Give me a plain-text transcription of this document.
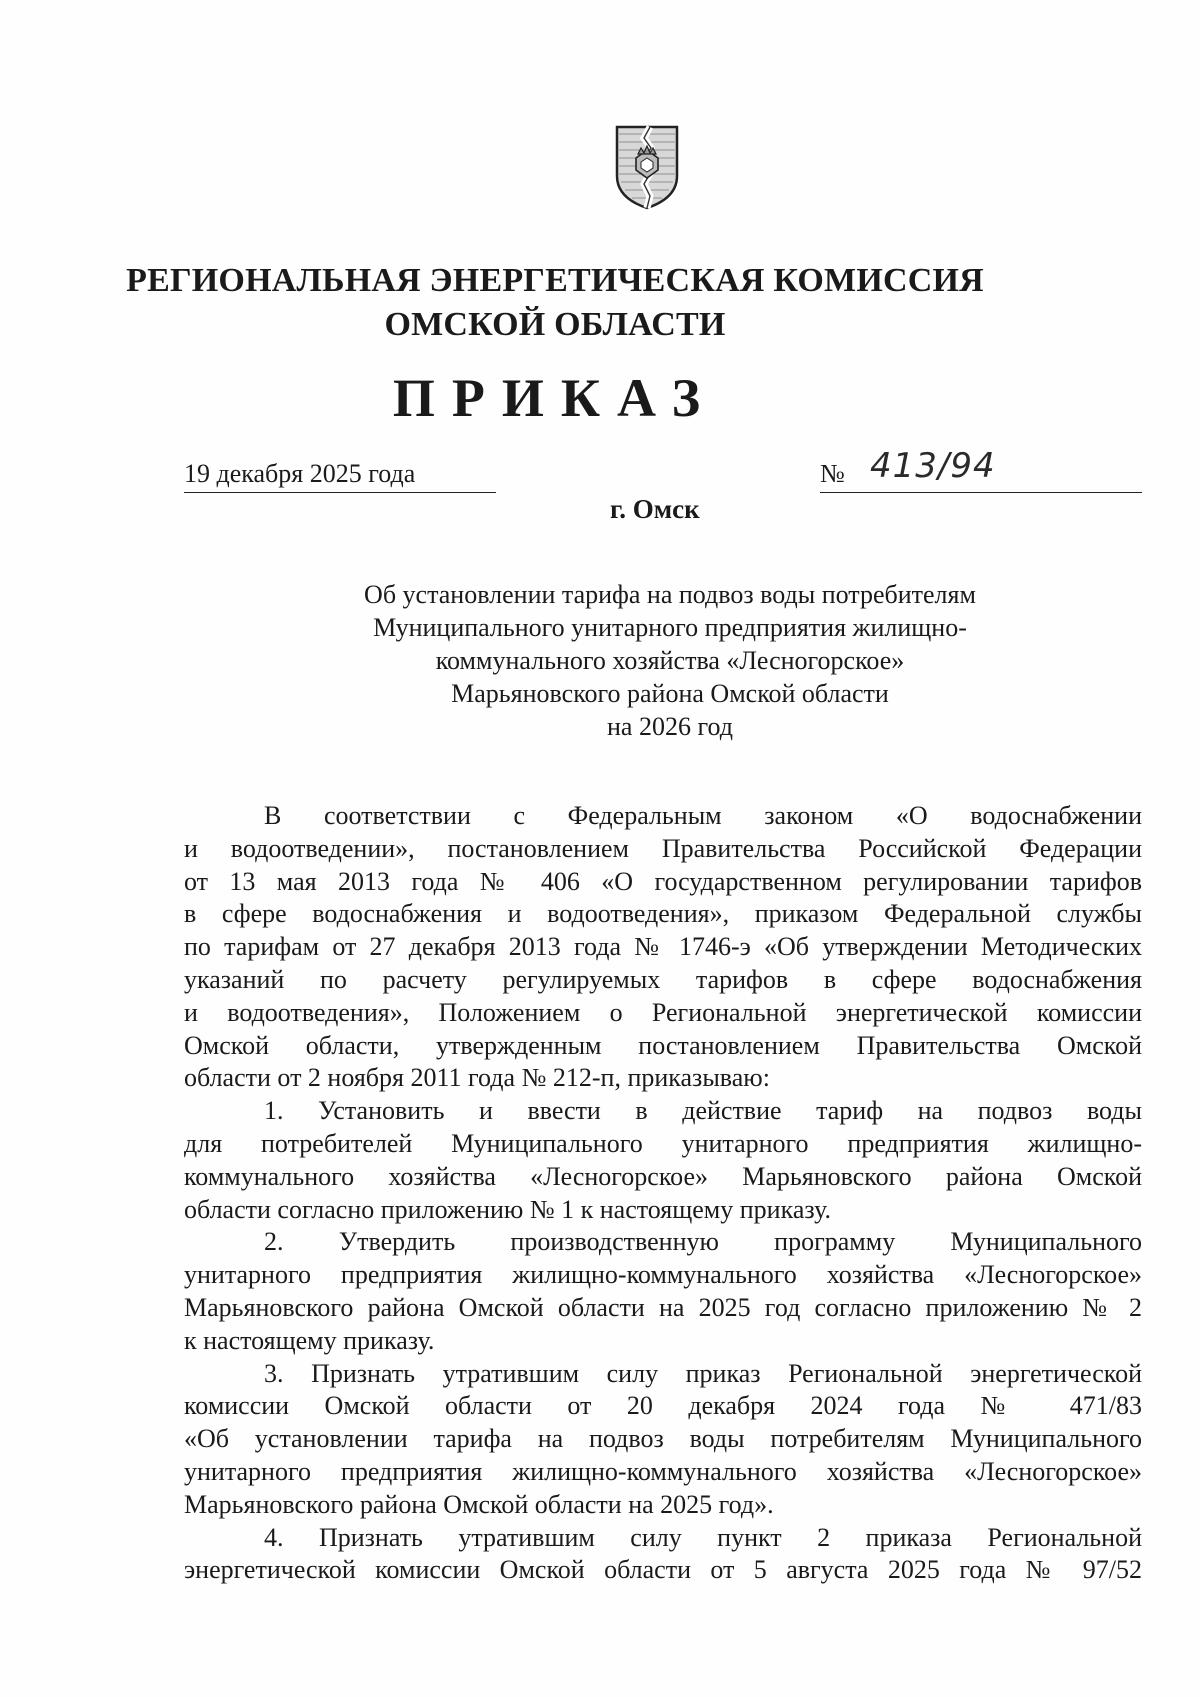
РЕГИОНАЛЬНАЯ ЭНЕРГЕТИЧЕСКАЯ КОМИССИЯ
ОМСКОЙ ОБЛАСТИ
ПРИКАЗ
19 декабря 2025 года	№ 413/94
г. Омск
Об установлении тарифа на подвоз воды потребителям
Муниципального унитарного предприятия жилищно-
коммунального хозяйства «Лесногорское»
Марьяновского района Омской области
на 2026 год
В соответствии с Федеральным законом «О водоснабжении
и водоотведении», постановлением Правительства Российской Федерации
от 13 мая 2013 года № 406 «О государственном регулировании тарифов
в сфере водоснабжения и водоотведения», приказом Федеральной службы
по тарифам от 27 декабря 2013 года № 1746-э «Об утверждении Методических
указаний по расчету регулируемых тарифов в сфере водоснабжения
и водоотведения», Положением о Региональной энергетической комиссии
Омской области, утвержденным постановлением Правительства Омской
области от 2 ноября 2011 года № 212-п, приказываю:
1. Установить и ввести в действие тариф на подвоз воды
для потребителей Муниципального унитарного предприятия жилищно-
коммунального хозяйства «Лесногорское» Марьяновского района Омской
области согласно приложению № 1 к настоящему приказу.
2. Утвердить производственную программу Муниципального
унитарного предприятия жилищно-коммунального хозяйства «Лесногорское»
Марьяновского района Омской области на 2025 год согласно приложению № 2
к настоящему приказу.
3. Признать утратившим силу приказ Региональной энергетической
комиссии Омской области от 20 декабря 2024 года № 471/83
«Об установлении тарифа на подвоз воды потребителям Муниципального
унитарного предприятия жилищно-коммунального хозяйства «Лесногорское»
Марьяновского района Омской области на 2025 год».
4. Признать утратившим силу пункт 2 приказа Региональной
энергетической комиссии Омской области от 5 августа 2025 года № 97/52
